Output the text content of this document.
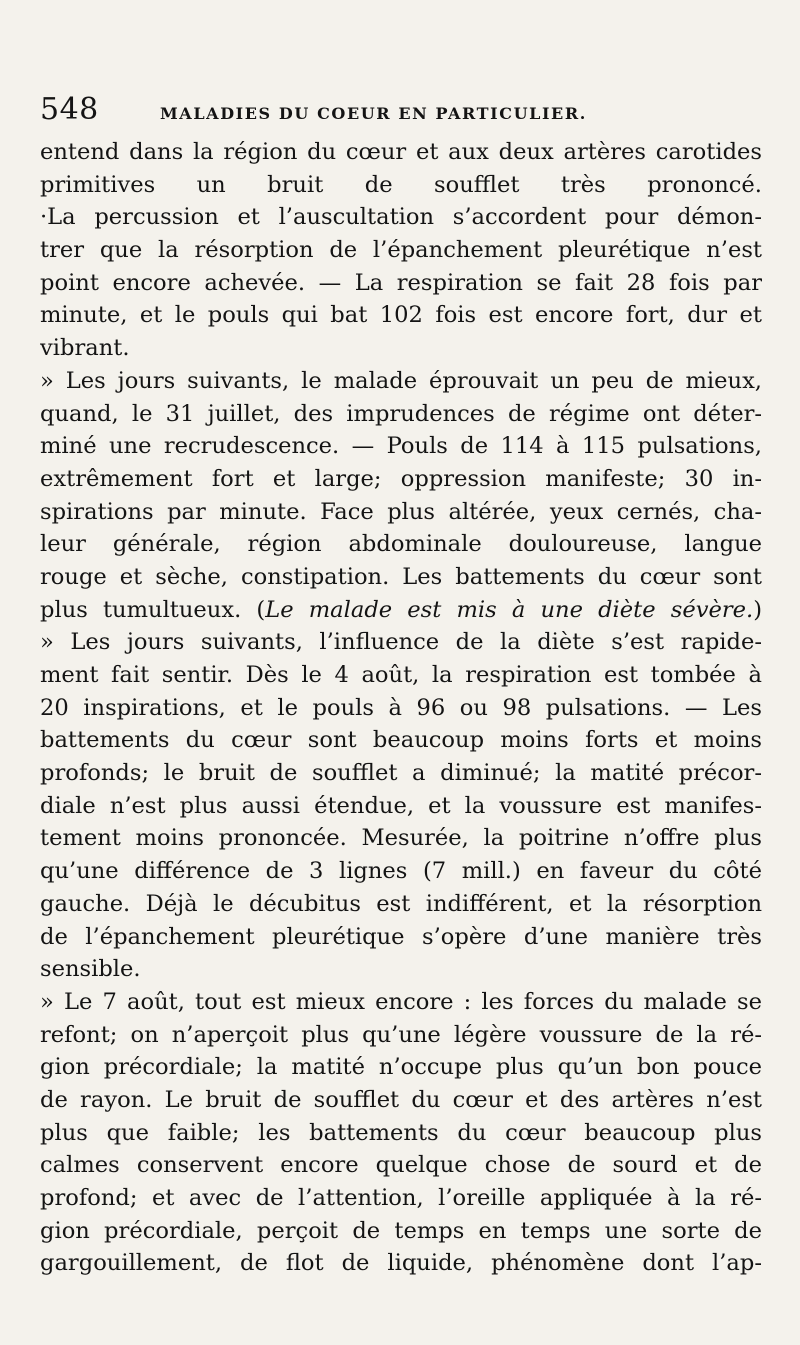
548	MALADIES DU COEUR EN PARTICULIER.
entend dans la région du cœur et aux deux artères carotides
primitives un bruit de soufflet très prononcé.
·La percussion et l’auscultation s’accordent pour démon-
trer que la résorption de l’épanchement pleurétique n’est
point encore achevée. — La respiration se fait 28 fois par
minute, et le pouls qui bat 102 fois est encore fort, dur et
vibrant.
» Les jours suivants, le malade éprouvait un peu de mieux,
quand, le 31 juillet, des imprudences de régime ont déter-
miné une recrudescence. — Pouls de 114 à 115 pulsations,
extrêmement fort et large; oppression manifeste; 30 in-
spirations par minute. Face plus altérée, yeux cernés, cha-
leur générale, région abdominale douloureuse, langue
rouge et sèche, constipation. Les battements du cœur sont
plus tumultueux. (Le malade est mis à une diète sévère.)
» Les jours suivants, l’influence de la diète s’est rapide-
ment fait sentir. Dès le 4 août, la respiration est tombée à
20 inspirations, et le pouls à 96 ou 98 pulsations. — Les
battements du cœur sont beaucoup moins forts et moins
profonds; le bruit de soufflet a diminué; la matité précor-
diale n’est plus aussi étendue, et la voussure est manifes-
tement moins prononcée. Mesurée, la poitrine n’offre plus
qu’une différence de 3 lignes (7 mill.) en faveur du côté
gauche. Déjà le décubitus est indifférent, et la résorption
de l’épanchement pleurétique s’opère d’une manière très
sensible.
» Le 7 août, tout est mieux encore : les forces du malade se
refont; on n’aperçoit plus qu’une légère voussure de la ré-
gion précordiale; la matité n’occupe plus qu’un bon pouce
de rayon. Le bruit de soufflet du cœur et des artères n’est
plus que faible; les battements du cœur beaucoup plus
calmes conservent encore quelque chose de sourd et de
profond; et avec de l’attention, l’oreille appliquée à la ré-
gion précordiale, perçoit de temps en temps une sorte de
gargouillement, de flot de liquide, phénomène dont l’ap-
